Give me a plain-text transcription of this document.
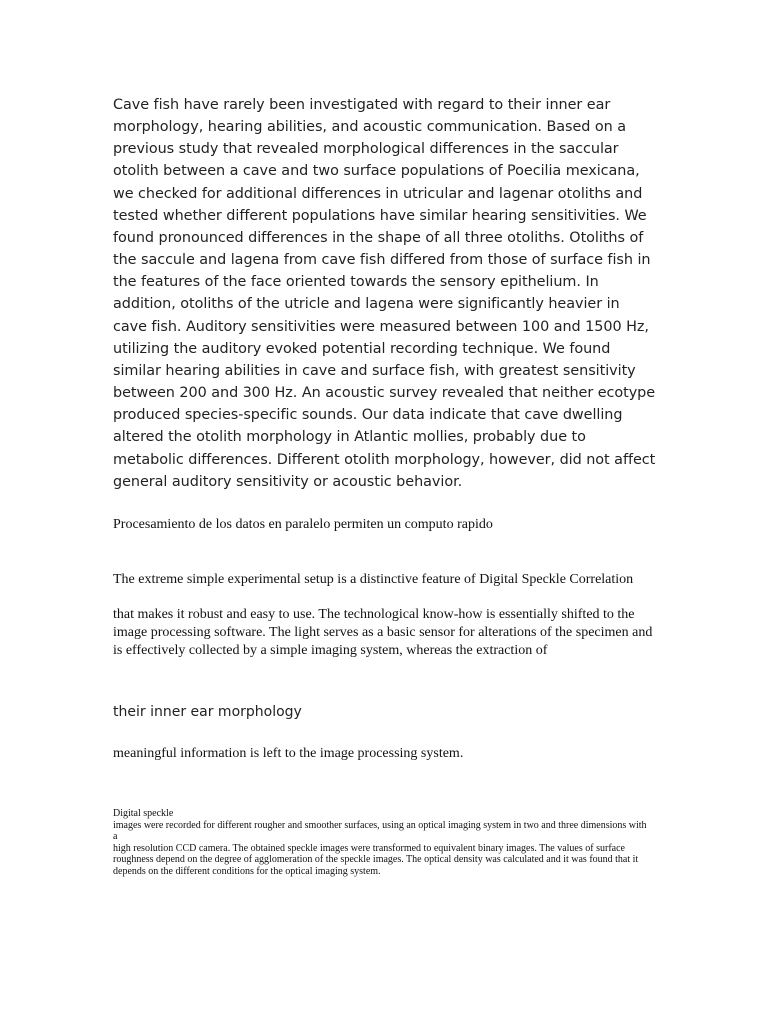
Cave fish have rarely been investigated with regard to their inner ear morphology, hearing abilities, and acoustic communication. Based on a previous study that revealed morphological differences in the saccular otolith between a cave and two surface populations of Poecilia mexicana, we checked for additional differences in utricular and lagenar otoliths and tested whether different populations have similar hearing sensitivities. We found pronounced differences in the shape of all three otoliths. Otoliths of the saccule and lagena from cave fish differed from those of surface fish in the features of the face oriented towards the sensory epithelium. In addition, otoliths of the utricle and lagena were significantly heavier in cave fish. Auditory sensitivities were measured between 100 and 1500 Hz, utilizing the auditory evoked potential recording technique. We found similar hearing abilities in cave and surface fish, with greatest sensitivity between 200 and 300 Hz. An acoustic survey revealed that neither ecotype produced species-specific sounds. Our data indicate that cave dwelling altered the otolith morphology in Atlantic mollies, probably due to metabolic differences. Different otolith morphology, however, did not affect general auditory sensitivity or acoustic behavior.

Procesamiento de los datos en paralelo permiten un computo rapido

The extreme simple experimental setup is a distinctive feature of Digital Speckle Correlation

that makes it robust and easy to use. The technological know-how is essentially shifted to the image processing software. The light serves as a basic sensor for alterations of the specimen and is effectively collected by a simple imaging system, whereas the extraction of

their inner ear morphology

meaningful information is left to the image processing system.

Digital speckle
images were recorded for different rougher and smoother surfaces, using an optical imaging system in two and three dimensions with a
high resolution CCD camera. The obtained speckle images were transformed to equivalent binary images. The values of surface
roughness depend on the degree of agglomeration of the speckle images. The optical density was calculated and it was found that it
depends on the different conditions for the optical imaging system.
